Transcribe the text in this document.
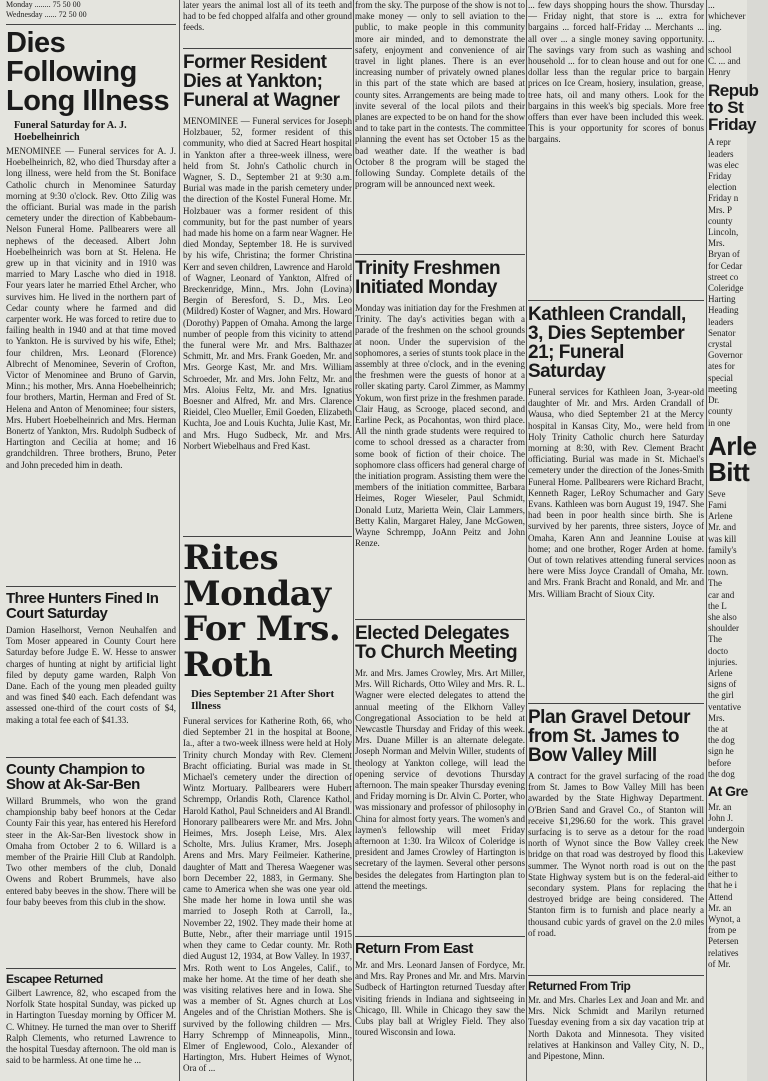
Monday ........ 75 50 00
Wednesday ...... 72 50 00
Dies Following Long Illness
Funeral Saturday for A. J. Hoebelheinrich

MENOMINEE — Funeral services for A. J. Hoebelheinrich, 82, who died Thursday after a long illness, were held from the St. Boniface Catholic church in Menominee Saturday morning at 9:30 o'clock. Rev. Otto Zilig was the officiant. Burial was made in the parish cemetery under the direction of Kabbebaum-Nelson Funeral Home. Pallbearers were all nephews of the deceased. Albert John Hoebelheinrich was born at St. Helena. He grew up in that vicinity and in 1910 was married to Mary Lasche who died in 1918. Four years later he married Ethel Archer, who survives him. He lived in the northern part of Cedar county where he farmed and did carpenter work. He was forced to retire due to failing health in 1940 and at that time moved to Yankton. He is survived by his wife, Ethel; four children, Mrs. Leonard (Florence) Albrecht of Menominee, Severin of Crofton, Victor of Menominee and Bruno of Garvin, Minn.; his mother, Mrs. Anna Hoebelheinrich; four brothers, Martin, Herman and Fred of St. Helena and Anton of Menominee; four sisters, Mrs. Hubert Hoebelheinrich and Mrs. Herman Bonertz of Yankton, Mrs. Rudolph Sudbeck of Hartington and Cecilia at home; and 16 grandchildren. Three brothers, Bruno, Peter and John preceded him in death.

Three Hunters Fined In Court Saturday

Damion Haselhorst, Vernon Neuhalfen and Tom Moser appeared in County Court here Saturday before Judge E. W. Hesse to answer charges of hunting at night by artificial light filed by deputy game warden, Ralph Von Dane. Each of the young men pleaded guilty and was fined $40 each. Each defendant was assessed one-third of the court costs of $4, making a total fee each of $41.33.

County Champion to Show at Ak-Sar-Ben

Willard Brummels, who won the grand championship baby beef honors at the Cedar County Fair this year, has entered his Hereford steer in the Ak-Sar-Ben livestock show in Omaha from October 2 to 6. Willard is a member of the Prairie Hill Club at Randolph. Two other members of the club, Donald Owens and Robert Brummels, have also entered baby beeves in the show. There will be four baby beeves from this club in the show.

Escapee Returned

Gilbert Lawrence, 82, who escaped from the Norfolk State hospital Sunday, was picked up in Hartington Tuesday morning by Officer M. C. Whitney. He turned the man over to Sheriff Ralph Clements, who returned Lawrence to the hospital Tuesday afternoon. The old man is said to be harmless. At one time he ...

later years the animal lost all of its teeth and had to be fed chopped alfalfa and other ground feeds.

Former Resident Dies at Yankton; Funeral at Wagner

MENOMINEE — Funeral services for Joseph Holzbauer, 52, former resident of this community, who died at Sacred Heart hospital in Yankton after a three-week illness, were held from St. John's Catholic church in Wagner, S. D., September 21 at 9:30 a.m. Burial was made in the parish cemetery under the direction of the Kostel Funeral Home. Mr. Holzbauer was a former resident of this community, but for the past number of years had made his home on a farm near Wagner. He died Monday, September 18. He is survived by his wife, Christina; the former Christina Kerr and seven children, Lawrence and Harold of Wagner, Leonard of Yankton, Alfred of Breckenridge, Minn., Mrs. John (Lovina) Bergin of Beresford, S. D., Mrs. Leo (Mildred) Koster of Wagner, and Mrs. Howard (Dorothy) Pappen of Omaha. Among the large number of people from this vicinity to attend the funeral were Mr. and Mrs. Balthazer Schmitt, Mr. and Mrs. Frank Goeden, Mr. and Mrs. George Kast, Mr. and Mrs. William Schroeder, Mr. and Mrs. John Feltz, Mr. and Mrs. Aloius Feltz, Mr. and Mrs. Ignatius Boesner and Alfred, Mr. and Mrs. Clarence Rieidel, Cleo Mueller, Emil Goeden, Elizabeth Kuchta, Joe and Louis Kuchta, Julie Kast, Mr. and Mrs. Hugo Sudbeck, Mr. and Mrs. Norbert Wiebelhaus and Fred Kast.

Rites Monday For Mrs. Roth
Dies September 21 After Short Illness

Funeral services for Katherine Roth, 66, who died September 21 in the hospital at Boone, Ia., after a two-week illness were held at Holy Trinity church Monday with Rev. Clement Bracht officiating. Burial was made in St. Michael's cemetery under the direction of Wintz Mortuary. Pallbearers were Hubert Schrempp, Orlandis Roth, Clarence Kathol, Harold Kathol, Paul Schneiders and Al Brandl. Honorary pallbearers were Mr. and Mrs. John Heimes, Mrs. Joseph Leise, Mrs. Alex Scholte, Mrs. Julius Kramer, Mrs. Joseph Arens and Mrs. Mary Feilmeier. Katherine, daughter of Matt and Theresa Waegener was born December 22, 1883, in Germany. She came to America when she was one year old. She made her home in Iowa until she was married to Joseph Roth at Carroll, Ia., November 22, 1902. They made their home at Butte, Nebr., after their marriage until 1915 when they came to Cedar county. Mr. Roth died August 12, 1934, at Bow Valley. In 1937, Mrs. Roth went to Los Angeles, Calif., to make her home. At the time of her death she was visiting relatives here and in Iowa. She was a member of St. Agnes church at Los Angeles and of the Christian Mothers. She is survived by the following children — Mrs. Harry Schrempp of Minneapolis, Minn., Elmer of Englewood, Colo., Alexander of Hartington, Mrs. Hubert Heimes of Wynot, Ora of ...

from the sky. The purpose of the show is not to make money — only to sell aviation to the public, to make people in this community more air minded, and to demonstrate the safety, enjoyment and convenience of air travel in light planes. There is an ever increasing number of privately owned planes in this part of the state which are based at county sites. Arrangements are being made to invite several of the local pilots and their planes are expected to be on hand for the show and to take part in the contests. The committee planning the event has set October 15 as the bad weather date. If the weather is bad October 8 the program will be staged the following Sunday. Complete details of the program will be announced next week.

Trinity Freshmen Initiated Monday

Monday was initiation day for the Freshmen at Trinity. The day's activities began with a parade of the freshmen on the school grounds at noon. Under the supervision of the sophomores, a series of stunts took place in the assembly at three o'clock, and in the evening the freshmen were the guests of honor at a roller skating party. Carol Zimmer, as Mammy Yokum, won first prize in the freshmen parade. Clair Haug, as Scrooge, placed second, and Earline Peck, as Pocahontas, won third place. All the ninth grade students were required to come to school dressed as a character from some book of fiction of their choice. The sophomore class officers had general charge of the initiation program. Assisting them were the members of the initiation committee, Barbara Heimes, Roger Wieseler, Paul Schmidt, Donald Lutz, Marietta Wein, Clair Lammers, Betty Kalin, Margaret Haley, Jane McGowen, Wayne Schrempp, JoAnn Peitz and John Renze.

Elected Delegates To Church Meeting

Mr. and Mrs. James Crowley, Mrs. Art Miller, Mrs. Will Richards, Otto Wiley and Mrs. R. L. Wagner were elected delegates to attend the annual meeting of the Elkhorn Valley Congregational Association to be held at Newcastle Thursday and Friday of this week. Mrs. Duane Miller is an alternate delegate. Joseph Norman and Melvin Willer, students of theology at Yankton college, will lead the opening service of devotions Thursday afternoon. The main speaker Thursday evening and Friday morning is Dr. Alvin C. Porter, who was missionary and professor of philosophy in China for almost forty years. The women's and laymen's fellowship will meet Friday afternoon at 1:30. Ira Wilcox of Coleridge is president and James Crowley of Hartington is secretary of the laymen. Several other persons besides the delegates from Hartington plan to attend the meetings.

Return From East

Mr. and Mrs. Leonard Jansen of Fordyce, Mr. and Mrs. Ray Prones and Mr. and Mrs. Marvin Sudbeck of Hartington returned Tuesday after visiting friends in Indiana and sightseeing in Chicago, Ill. While in Chicago they saw the Cubs play ball at Wrigley Field. They also toured Wisconsin and Iowa.

... few days shopping hours the show. Thursday — Friday night, that store is ... extra for bargains ... forced half-Friday ... Merchants ... all over ... a single money saving opportunity. The savings vary from such as washing and household ... for to clean house and out for one dollar less than the regular price to bargain prices on Ice Cream, hosiery, insulation, grease, tree hats, oil and many others. Look for the bargains in this week's big specials. More free offers than ever have been included this week. This is your opportunity for scores of bonus bargains.

Kathleen Crandall, 3, Dies September 21; Funeral Saturday

Funeral services for Kathleen Joan, 3-year-old daughter of Mr. and Mrs. Arden Crandall of Wausa, who died September 21 at the Mercy hospital in Kansas City, Mo., were held from Holy Trinity Catholic church here Saturday morning at 8:30, with Rev. Clement Bracht officiating. Burial was made in St. Michael's cemetery under the direction of the Jones-Smith Funeral Home. Pallbearers were Richard Bracht, Kenneth Rager, LeRoy Schumacher and Gary Evans. Kathleen was born August 19, 1947. She had been in poor health since birth. She is survived by her parents, three sisters, Joyce of Omaha, Karen Ann and Jeannine Louise at home; and one brother, Roger Arden at home. Out of town relatives attending funeral services here were Miss Joyce Crandall of Omaha, Mr. and Mrs. Frank Bracht and Ronald, and Mr. and Mrs. William Bracht of Sioux City.

Plan Gravel Detour from St. James to Bow Valley Mill

A contract for the gravel surfacing of the road from St. James to Bow Valley Mill has been awarded by the State Highway Department. O'Brien Sand and Gravel Co., of Stanton will receive $1,296.60 for the work. This gravel surfacing is to serve as a detour for the road north of Wynot since the Bow Valley creek bridge on that road was destroyed by flood this summer. The Wynot north road is out on the State Highway system but is on the federal-aid secondary system. Plans for replacing the destroyed bridge are being considered. The Stanton firm is to furnish and place nearly a thousand cubic yards of gravel on the 2.0 miles of road.

Returned From Trip

Mr. and Mrs. Charles Lex and Joan and Mr. and Mrs. Nick Schmidt and Marilyn returned Tuesday evening from a six day vacation trip at North Dakota and Minnesota. They visited relatives at Hankinson and Valley City, N. D., and Pipestone, Minn.

...
whichever
ing.
...
school
C. ... and
Henry
Repub to St Friday
A repr
leaders
was elec
Friday
election
Friday n
Mrs. P
county
Lincoln,
Mrs.
Bryan of
for Cedar
street co
Coleridge
Harting
Heading
leaders
Senator
crystal
Governor
ates for
special
meeting
Dr.
county
in one
Arle Bitt
Seve
Fami
Arlene
Mr. and
was kill
family's
noon as
town.
The
car and
the L
she also
shoulder
The
docto
injuries.
Arlene
signs of
the girl
ventative
Mrs.
the at
the dog
sign he
before
the dog
At Gre
Mr. an
John J.
undergoin
the New
Lakeview
the past
either to
that he i
Attend
Mr. an
Wynot, a
from pe
Petersen
relatives
of Mr.
